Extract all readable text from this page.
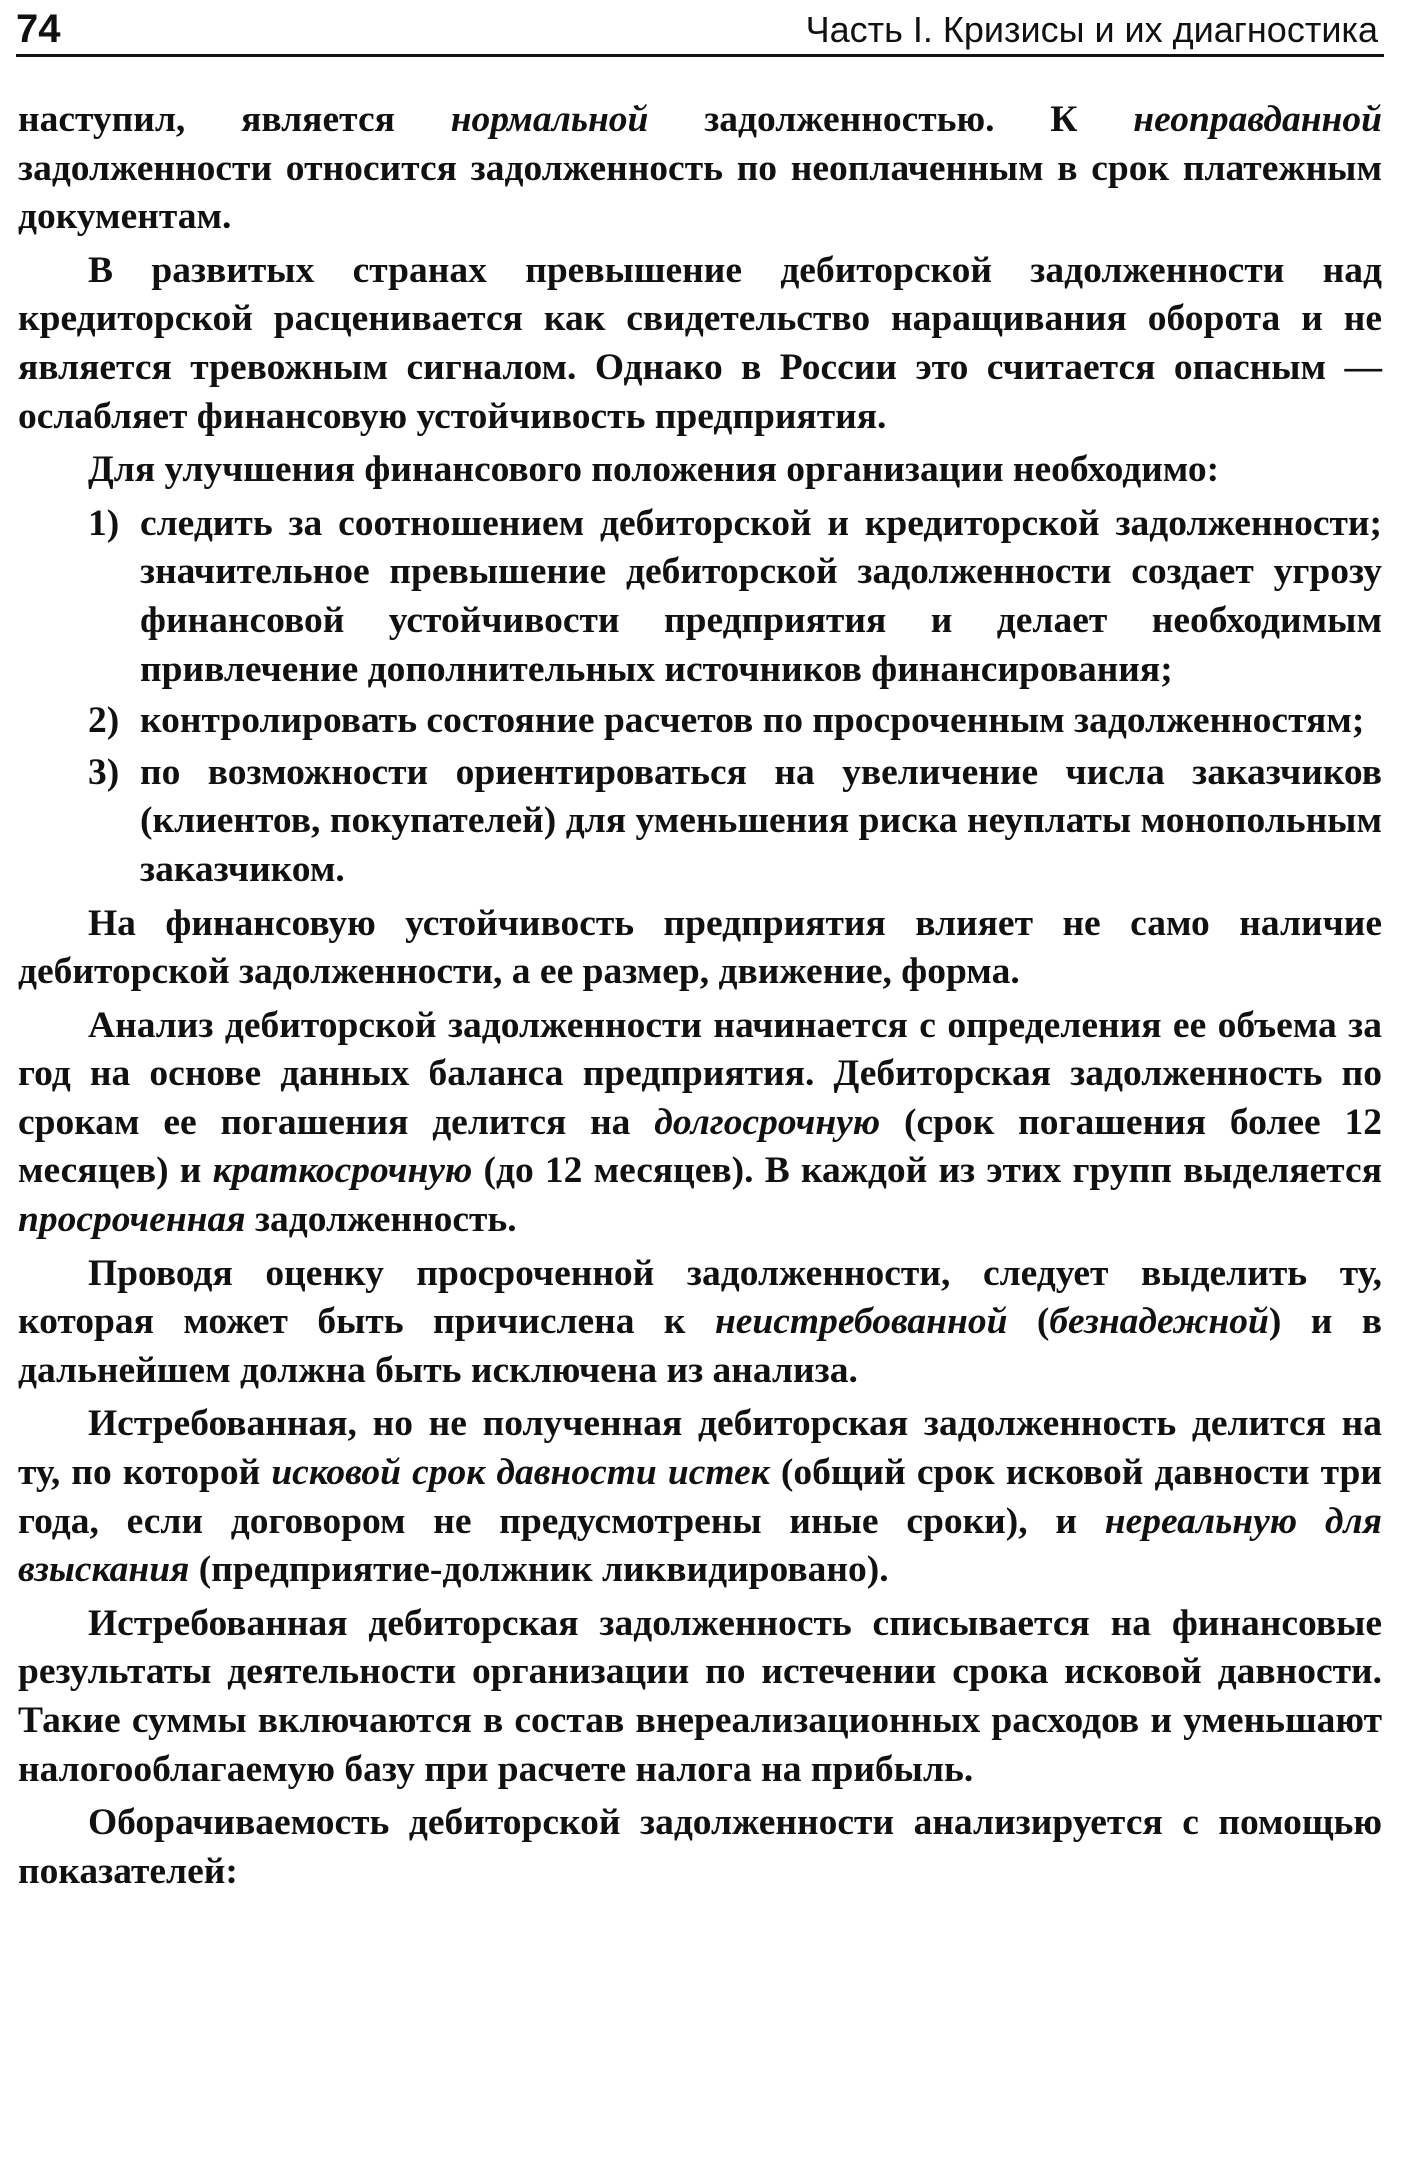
74	Часть I. Кризисы и их диагностика

наступил, является нормальной задолженностью. К неоправданной задолженности относится задолженность по неоплаченным в срок платежным документам.

В развитых странах превышение дебиторской задолженности над кредиторской расценивается как свидетельство наращивания оборота и не является тревожным сигналом. Однако в России это считается опасным — ослабляет финансовую устойчивость предприятия.

Для улучшения финансового положения организации необходимо:

1) следить за соотношением дебиторской и кредиторской задолженности; значительное превышение дебиторской задолженности создает угрозу финансовой устойчивости предприятия и делает необходимым привлечение дополнительных источников финансирования;
2) контролировать состояние расчетов по просроченным задолженностям;
3) по возможности ориентироваться на увеличение числа заказчиков (клиентов, покупателей) для уменьшения риска неуплаты монопольным заказчиком.

На финансовую устойчивость предприятия влияет не само наличие дебиторской задолженности, а ее размер, движение, форма.

Анализ дебиторской задолженности начинается с определения ее объема за год на основе данных баланса предприятия. Дебиторская задолженность по срокам ее погашения делится на долгосрочную (срок погашения более 12 месяцев) и краткосрочную (до 12 месяцев). В каждой из этих групп выделяется просроченная задолженность.

Проводя оценку просроченной задолженности, следует выделить ту, которая может быть причислена к неистребованной (безнадежной) и в дальнейшем должна быть исключена из анализа.

Истребованная, но не полученная дебиторская задолженность делится на ту, по которой исковой срок давности истек (общий срок исковой давности три года, если договором не предусмотрены иные сроки), и нереальную для взыскания (предприятие-должник ликвидировано).

Истребованная дебиторская задолженность списывается на финансовые результаты деятельности организации по истечении срока исковой давности. Такие суммы включаются в состав внереализационных расходов и уменьшают налогооблагаемую базу при расчете налога на прибыль.

Оборачиваемость дебиторской задолженности анализируется с помощью показателей:
